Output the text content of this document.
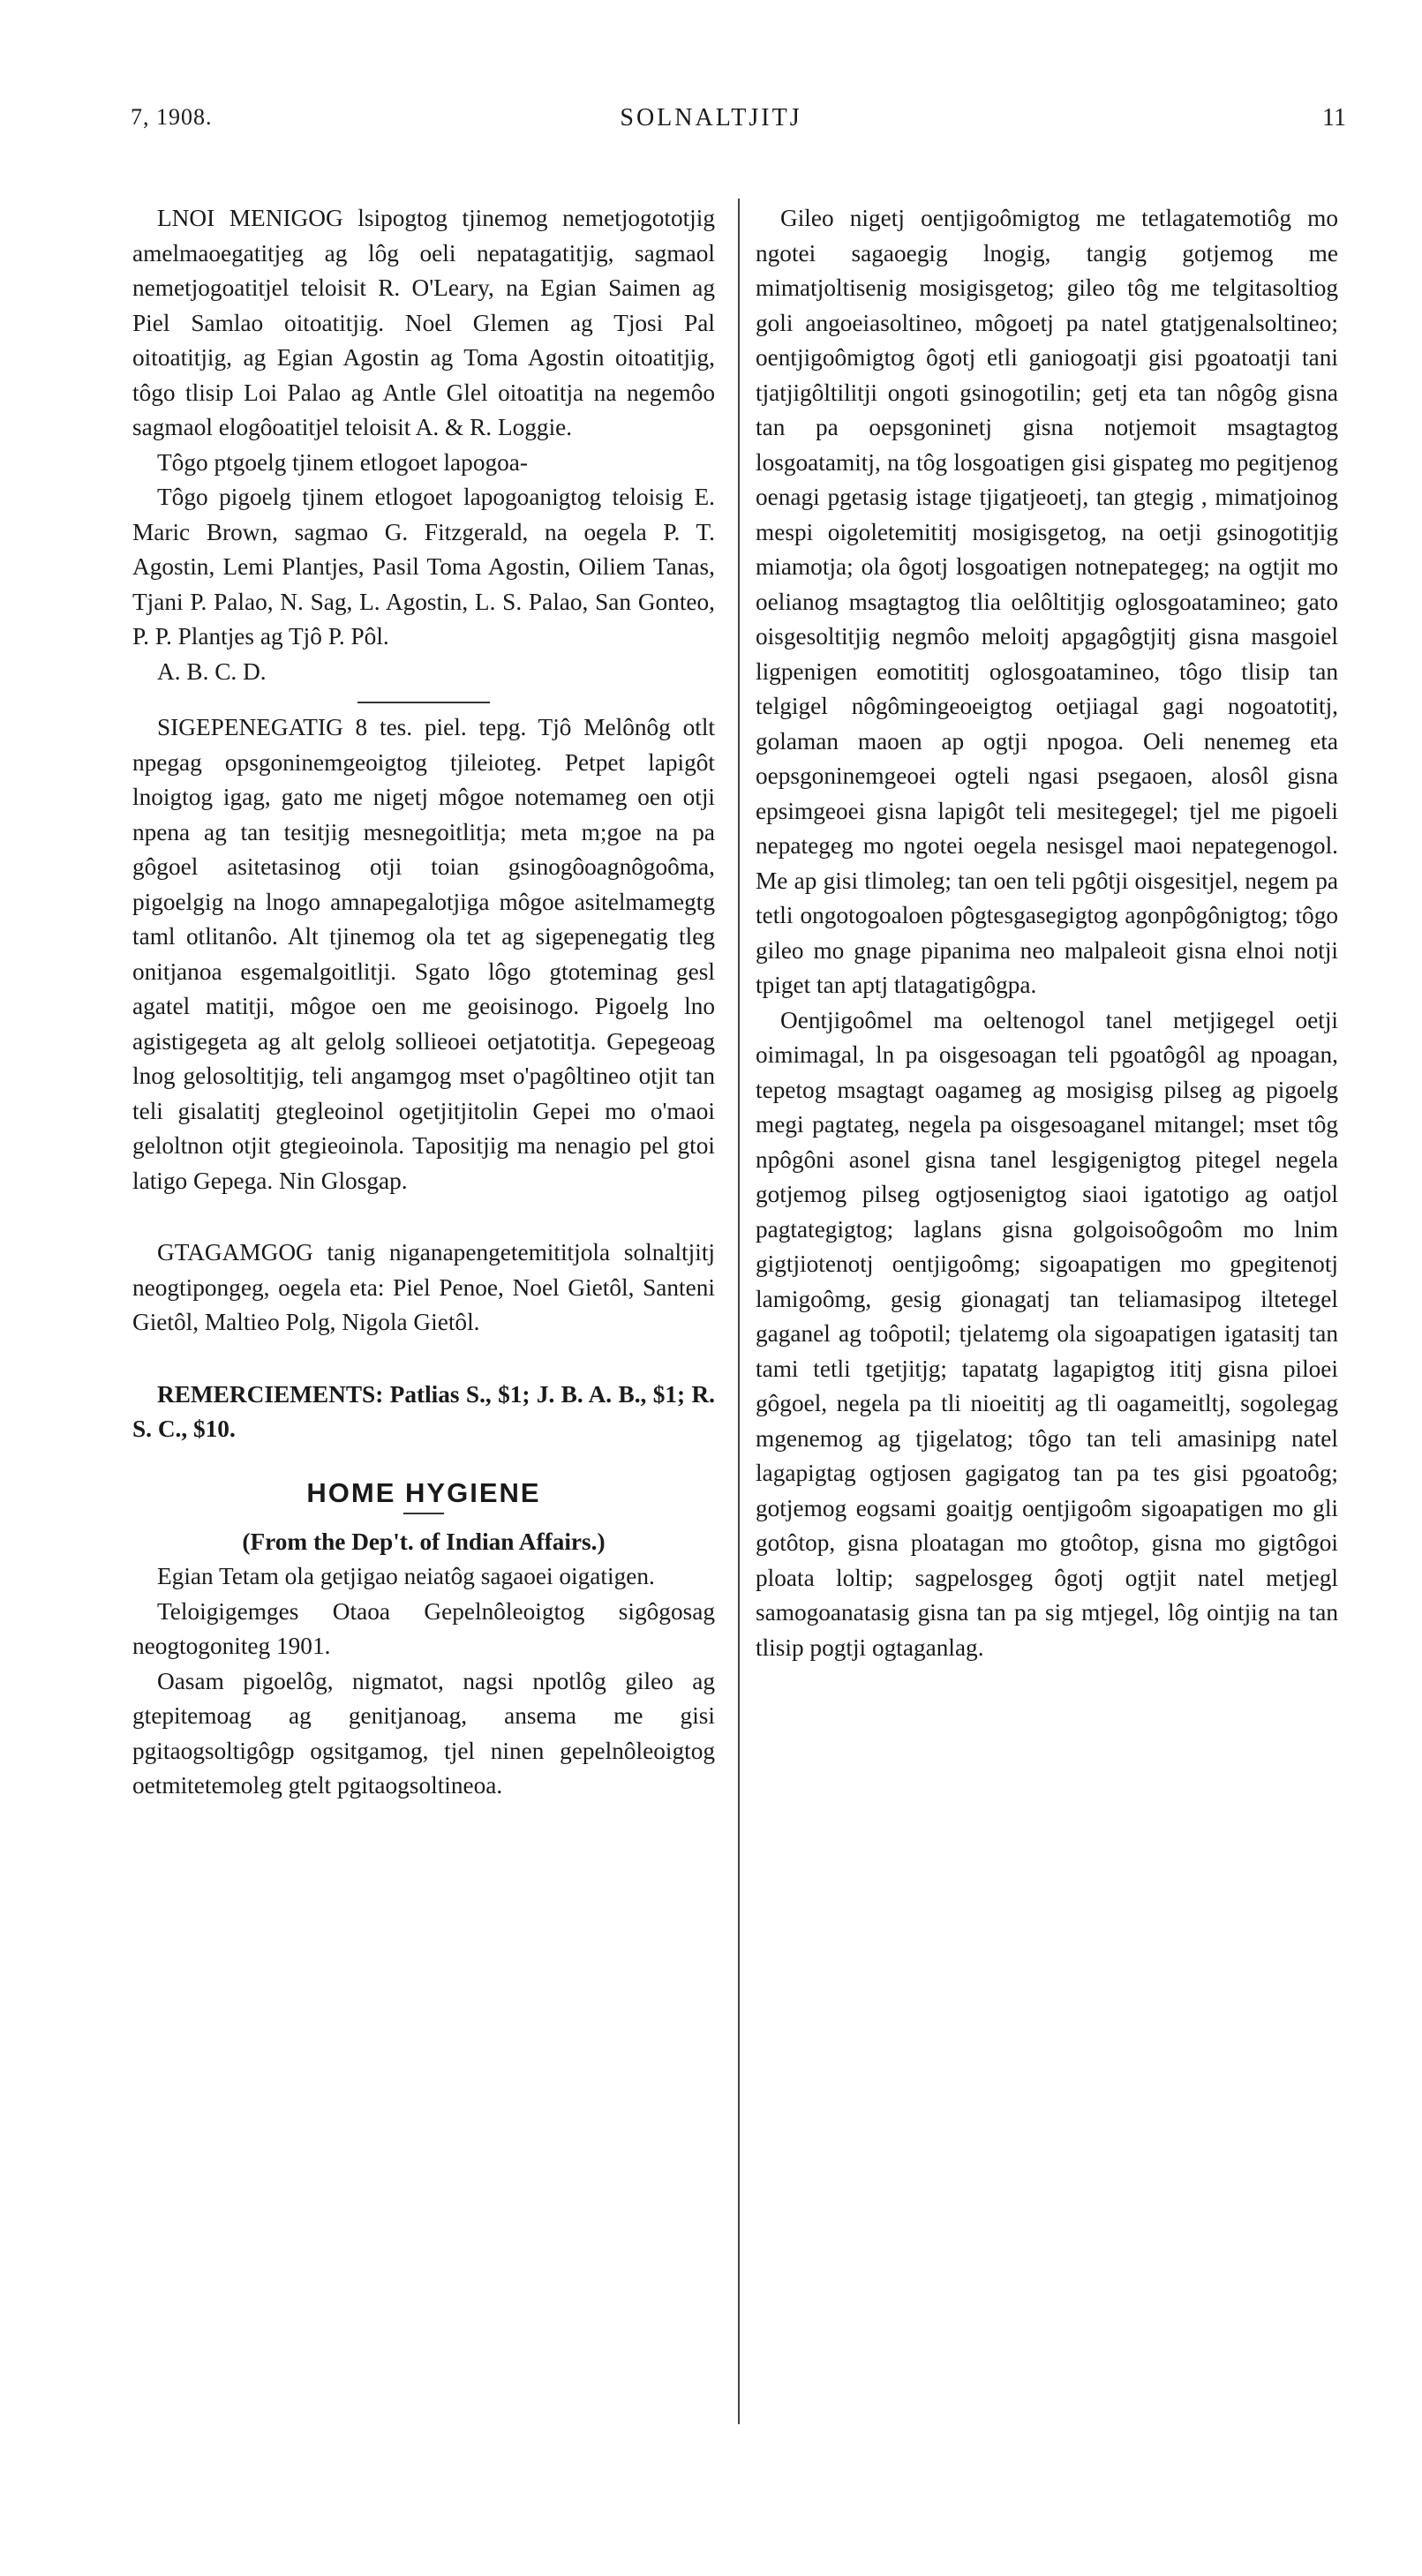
7, 1908.	SOLNALTJITJ	11

LNOI MENIGOG lsipogtog tjinemog nemetjogototjig amelmaoegatitjeg ag lôg oeli nepatagatitjig, sagmaol nemetjogoatitjel teloisit R. O'Leary, na Egian Saimen ag Piel Samlao oitoatitjig. Noel Glemen ag Tjosi Pal oitoatitjig, ag Egian Agostin ag Toma Agostin oitoatitjig, tôgo tlisip Loi Palao ag Antle Glel oitoatitja na negemôo sagmaol elogôoatitjel teloisit A. & R. Loggie.

Tôgo ptgoelg tjinem etlogoet lapogoa-

Tôgo pigoelg tjinem etlogoet lapogoanigtog teloisig E. Maric Brown, sagmao G. Fitzgerald, na oegela P. T. Agostin, Lemi Plantjes, Pasil Toma Agostin, Oiliem Tanas, Tjani P. Palao, N. Sag, L. Agostin, L. S. Palao, San Gonteo, P. P. Plantjes ag Tjô P. Pôl.

A. B. C. D.

SIGEPENEGATIG 8 tes. piel. tepg. Tjô Melônôg otlt npegag opsgoninemgeoigtog tjileioteg. Petpet lapigôt lnoigtog igag, gato me nigetj môgoe notemameg oen otji npena ag tan tesitjig mesnegoitlitja; meta m;goe na pa gôgoel asitetasinog otji toian gsinogôoagnôgoôma, pigoelgig na lnogo amnapegalotjiga môgoe asitelmamegtg taml otlitanôo. Alt tjinemog ola tet ag sigepenegatig tleg onitjanoa esgemalgoitlitji. Sgato lôgo gtoteminag gesl agatel matitji, môgoe oen me geoisinogo. Pigoelg lno agistigegeta ag alt gelolg sollieoei oetjatotitja. Gepegeoag lnog gelosoltitjig, teli angamgog mset o'pagôltineo otjit tan teli gisalatitj gtegleoinol ogetjitjitolin Gepei mo o'maoi geloltnon otjit gtegieoinola. Tapositjig ma nenagio pel gtoi latigo Gepega. Nin Glosgap.

GTAGAMGOG tanig niganapengetemititjola solnaltjitj neogtipongeg, oegela eta: Piel Penoe, Noel Gietôl, Santeni Gietôl, Maltieo Polg, Nigola Gietôl.

REMERCIEMENTS: Patlias S., $1; J. B. A. B., $1; R. S. C., $10.

HOME HYGIENE

(From the Dep't. of Indian Affairs.)

Egian Tetam ola getjigao neiatôg sagaoei oigatigen.

Teloigigemges Otaoa Gepelnôleoigtog sigôgosag neogtogoniteg 1901.

Oasam pigoelôg, nigmatot, nagsi npotlôg gileo ag gtepitemoag ag genitjanoag, ansema me gisi pgitaogsoltigôgp ogsitgamog, tjel ninen gepelnôleoigtog oetmitetemoleg gtelt pgitaogsoltineoa.

Gileo nigetj oentjigoômigtog me tetlagatemotiôg mo ngotei sagaoegig lnogig, tangig gotjemog me mimatjoltisenig mosigisgetog; gileo tôg me telgitasoltiog goli angoeiasoltineo, môgoetj pa natel gtatjgenalsoltineo; oentjigoômigtog ôgotj etli ganiogoatji gisi pgoatoatji tani tjatjigôltilitji ongoti gsinogotilin; getj eta tan nôgôg gisna tan pa oepsgoninetj gisna notjemoit msagtagtog losgoatamitj, na tôg losgoatigen gisi gispateg mo pegitjenog oenagi pgetasig istage tjigatjeoetj, tan gtegig , mimatjoinog mespi oigoletemititj mosigisgetog, na oetji gsinogotitjig miamotja; ola ôgotj losgoatigen notnepategeg; na ogtjit mo oelianog msagtagtog tlia oelôltitjig oglosgoatamineo; gato oisgesoltitjig negmôo meloitj apgagôgtjitj gisna masgoiel ligpenigen eomotititj oglosgoatamineo, tôgo tlisip tan telgigel nôgômingeoeigtog oetjiagal gagi nogoatotitj, golaman maoen ap ogtji npogoa. Oeli nenemeg eta oepsgoninemgeoei ogteli ngasi psegaoen, alosôl gisna epsimgeoei gisna lapigôt teli mesitegegel; tjel me pigoeli nepategeg mo ngotei oegela nesisgel maoi nepategenogol. Me ap gisi tlimoleg; tan oen teli pgôtji oisgesitjel, negem pa tetli ongotogoaloen pôgtesgasegigtog agonpôgônigtog; tôgo gileo mo gnage pipanima neo malpaleoit gisna elnoi notji tpiget tan aptj tlatagatigôgpa.

Oentjigoômel ma oeltenogol tanel metjigegel oetji oimimagal, ln pa oisgesoagan teli pgoatôgôl ag npoagan, tepetog msagtagt oagameg ag mosigisg pilseg ag pigoelg megi pagtateg, negela pa oisgesoaganel mitangel; mset tôg npôgôni asonel gisna tanel lesgigenigtog pitegel negela gotjemog pilseg ogtjosenigtog siaoi igatotigo ag oatjol pagtategigtog; laglans gisna golgoisoôgoôm mo lnim gigtjiotenotj oentjigoômg; sigoapatigen mo gpegitenotj lamigoômg, gesig gionagatj tan teliamasipog iltetegel gaganel ag toôpotil; tjelatemg ola sigoapatigen igatasitj tan tami tetli tgetjitjg; tapatatg lagapigtog ititj gisna piloei gôgoel, negela pa tli nioeititj ag tli oagameitltj, sogolegag mgenemog ag tjigelatog; tôgo tan teli amasinipg natel lagapigtag ogtjosen gagigatog tan pa tes gisi pgoatoôg; gotjemog eogsami goaitjg oentjigoôm sigoapatigen mo gli gotôtop, gisna ploatagan mo gtoôtop, gisna mo gigtôgoi ploata loltip; sagpelosgeg ôgotj ogtjit natel metjegl samogoanatasig gisna tan pa sig mtjegel, lôg ointjig na tan tlisip pogtji ogtaganlag.
